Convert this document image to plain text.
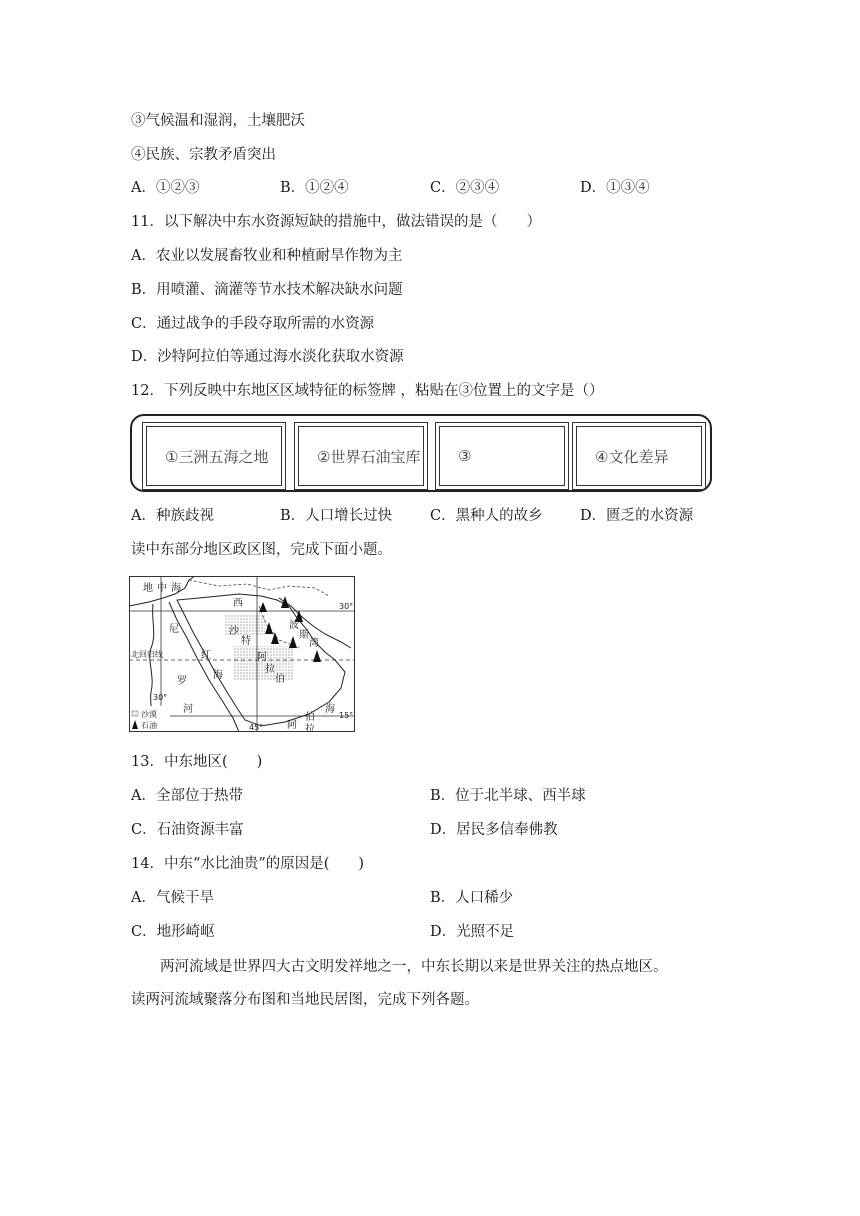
③气候温和湿润，土壤肥沃
④民族、宗教矛盾突出
A．①②③	B．①②④	C．②③④	D．①③④
11．以下解决中东水资源短缺的措施中，做法错误的是（　　）
A．农业以发展畜牧业和种植耐旱作物为主
B．用喷灌、滴灌等节水技术解决缺水问题
C．通过战争的手段夺取所需的水资源
D．沙特阿拉伯等通过海水淡化获取水资源
12．下列反映中东地区区域特征的标签牌 ，粘贴在③位置上的文字是（）
①三洲五海之地	②世界石油宝库	③	④文化差异
A．种族歧视	B．人口增长过快	C．黑种人的故乡	D．匮乏的水资源
读中东部分地区政区图，完成下面小题。
地 中 海
尼
罗
河
北回归线
西
波
斯
湾
沙
特
阿
拉
伯
红
海
海
伯
阿 拉
30°
15°
30°
45°
沙漠
石油
13．中东地区(　　)
A．全部位于热带	B．位于北半球、西半球
C．石油资源丰富	D．居民多信奉佛教
14．中东“水比油贵”的原因是(　　)
A．气候干旱	B．人口稀少
C．地形崎岖	D．光照不足
两河流域是世界四大古文明发祥地之一，中东长期以来是世界关注的热点地区。
读两河流域聚落分布图和当地民居图，完成下列各题。
